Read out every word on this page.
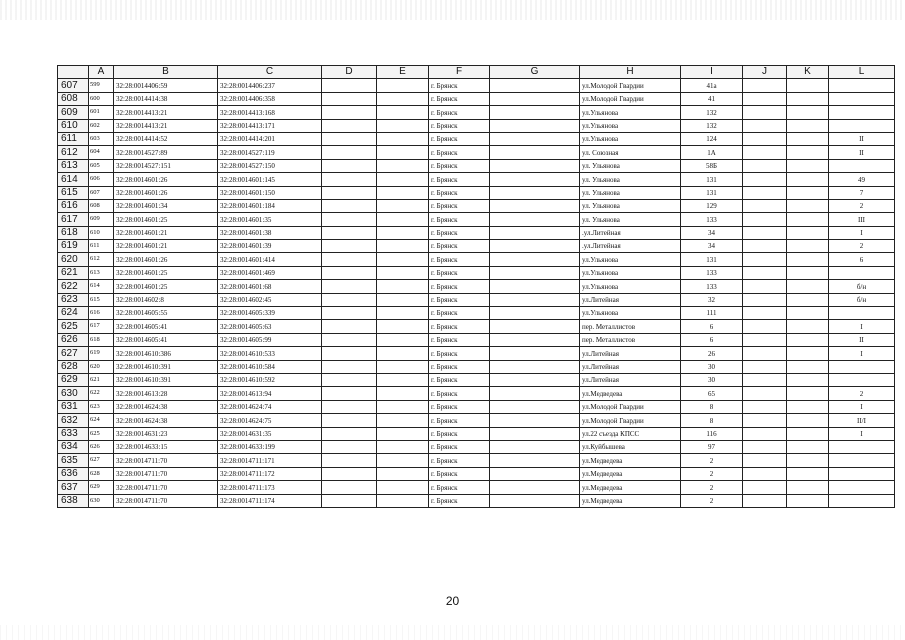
	A	B	C	D	E	F	G	H	I	J	K	L
607	599	32:28:0014406:59	32:28:0014406:237			г. Брянск		ул.Молодой Гвардии	41а			
608	600	32:28:0014414:38	32:28:0014406:358			г. Брянск		ул.Молодой Гвардии	41			
609	601	32:28:0014413:21	32:28:0014413:168			г. Брянск		ул.Ульянова	132			
610	602	32:28:0014413:21	32:28:0014413:171			г. Брянск		ул.Ульянова	132			
611	603	32:28:0014414:52	32:28:0014414:201			г. Брянск		ул.Ульянова	124			II
612	604	32:28:0014527:89	32:28:0014527:119			г. Брянск		ул. Союзная	1А			II
613	605	32:28:0014527:151	32:28:0014527:150			г. Брянск		ул. Ульянова	58Б			
614	606	32:28:0014601:26	32:28:0014601:145			г. Брянск		ул. Ульянова	131			49
615	607	32:28:0014601:26	32:28:0014601:150			г. Брянск		ул. Ульянова	131			7
616	608	32:28:0014601:34	32:28:0014601:184			г. Брянск		ул. Ульянова	129			2
617	609	32:28:0014601:25	32:28:0014601:35			г. Брянск		ул. Ульянова	133			III
618	610	32:28:0014601:21	32:28:0014601:38			г. Брянск		.ул.Литейная	34			I
619	611	32:28:0014601:21	32:28:0014601:39			г. Брянск		.ул.Литейная	34			2
620	612	32:28:0014601:26	32:28:0014601:414			г. Брянск		ул.Ульянова	131			6
621	613	32:28:0014601:25	32:28:0014601:469			г. Брянск		ул.Ульянова	133			
622	614	32:28:0014601:25	32:28:0014601:68			г. Брянск		ул.Ульянова	133			б/н
623	615	32:28:0014602:8	32:28:0014602:45			г. Брянск		ул.Литейная	32			б/н
624	616	32:28:0014605:55	32:28:0014605:339			г. Брянск		ул.Ульянова	111			
625	617	32:28:0014605:41	32:28:0014605:63			г. Брянск		пер. Металлистов	6			I
626	618	32:28:0014605:41	32:28:0014605:99			г. Брянск		пер. Металлистов	6			II
627	619	32:28:0014610:386	32:28:0014610:533			г. Брянск		ул.Литейная	26			I
628	620	32:28:0014610:391	32:28:0014610:584			г. Брянск		ул.Литейная	30			
629	621	32:28:0014610:391	32:28:0014610:592			г. Брянск		ул.Литейная	30			
630	622	32:28:0014613:28	32:28:0014613:94			г. Брянск		ул.Медведева	65			2
631	623	32:28:0014624:38	32:28:0014624:74			г. Брянск		ул.Молодой Гвардии	8			I
632	624	32:28:0014624:38	32:28:0014624:75			г. Брянск		ул.Молодой Гвардии	8			II/I
633	625	32:28:0014631:23	32:28:0014631:35			г. Брянск		ул.22 съезда КПСС	116			I
634	626	32:28:0014633:15	32:28:0014633:199			г. Брянск		ул.Куйбышева	97			
635	627	32:28:0014711:70	32:28:0014711:171			г. Брянск		ул.Медведева	2			
636	628	32:28:0014711:70	32:28:0014711:172			г. Брянск		ул.Медведева	2			
637	629	32:28:0014711:70	32:28:0014711:173			г. Брянск		ул.Медведева	2			
638	630	32:28:0014711:70	32:28:0014711:174			г. Брянск		ул.Медведева	2			
20
